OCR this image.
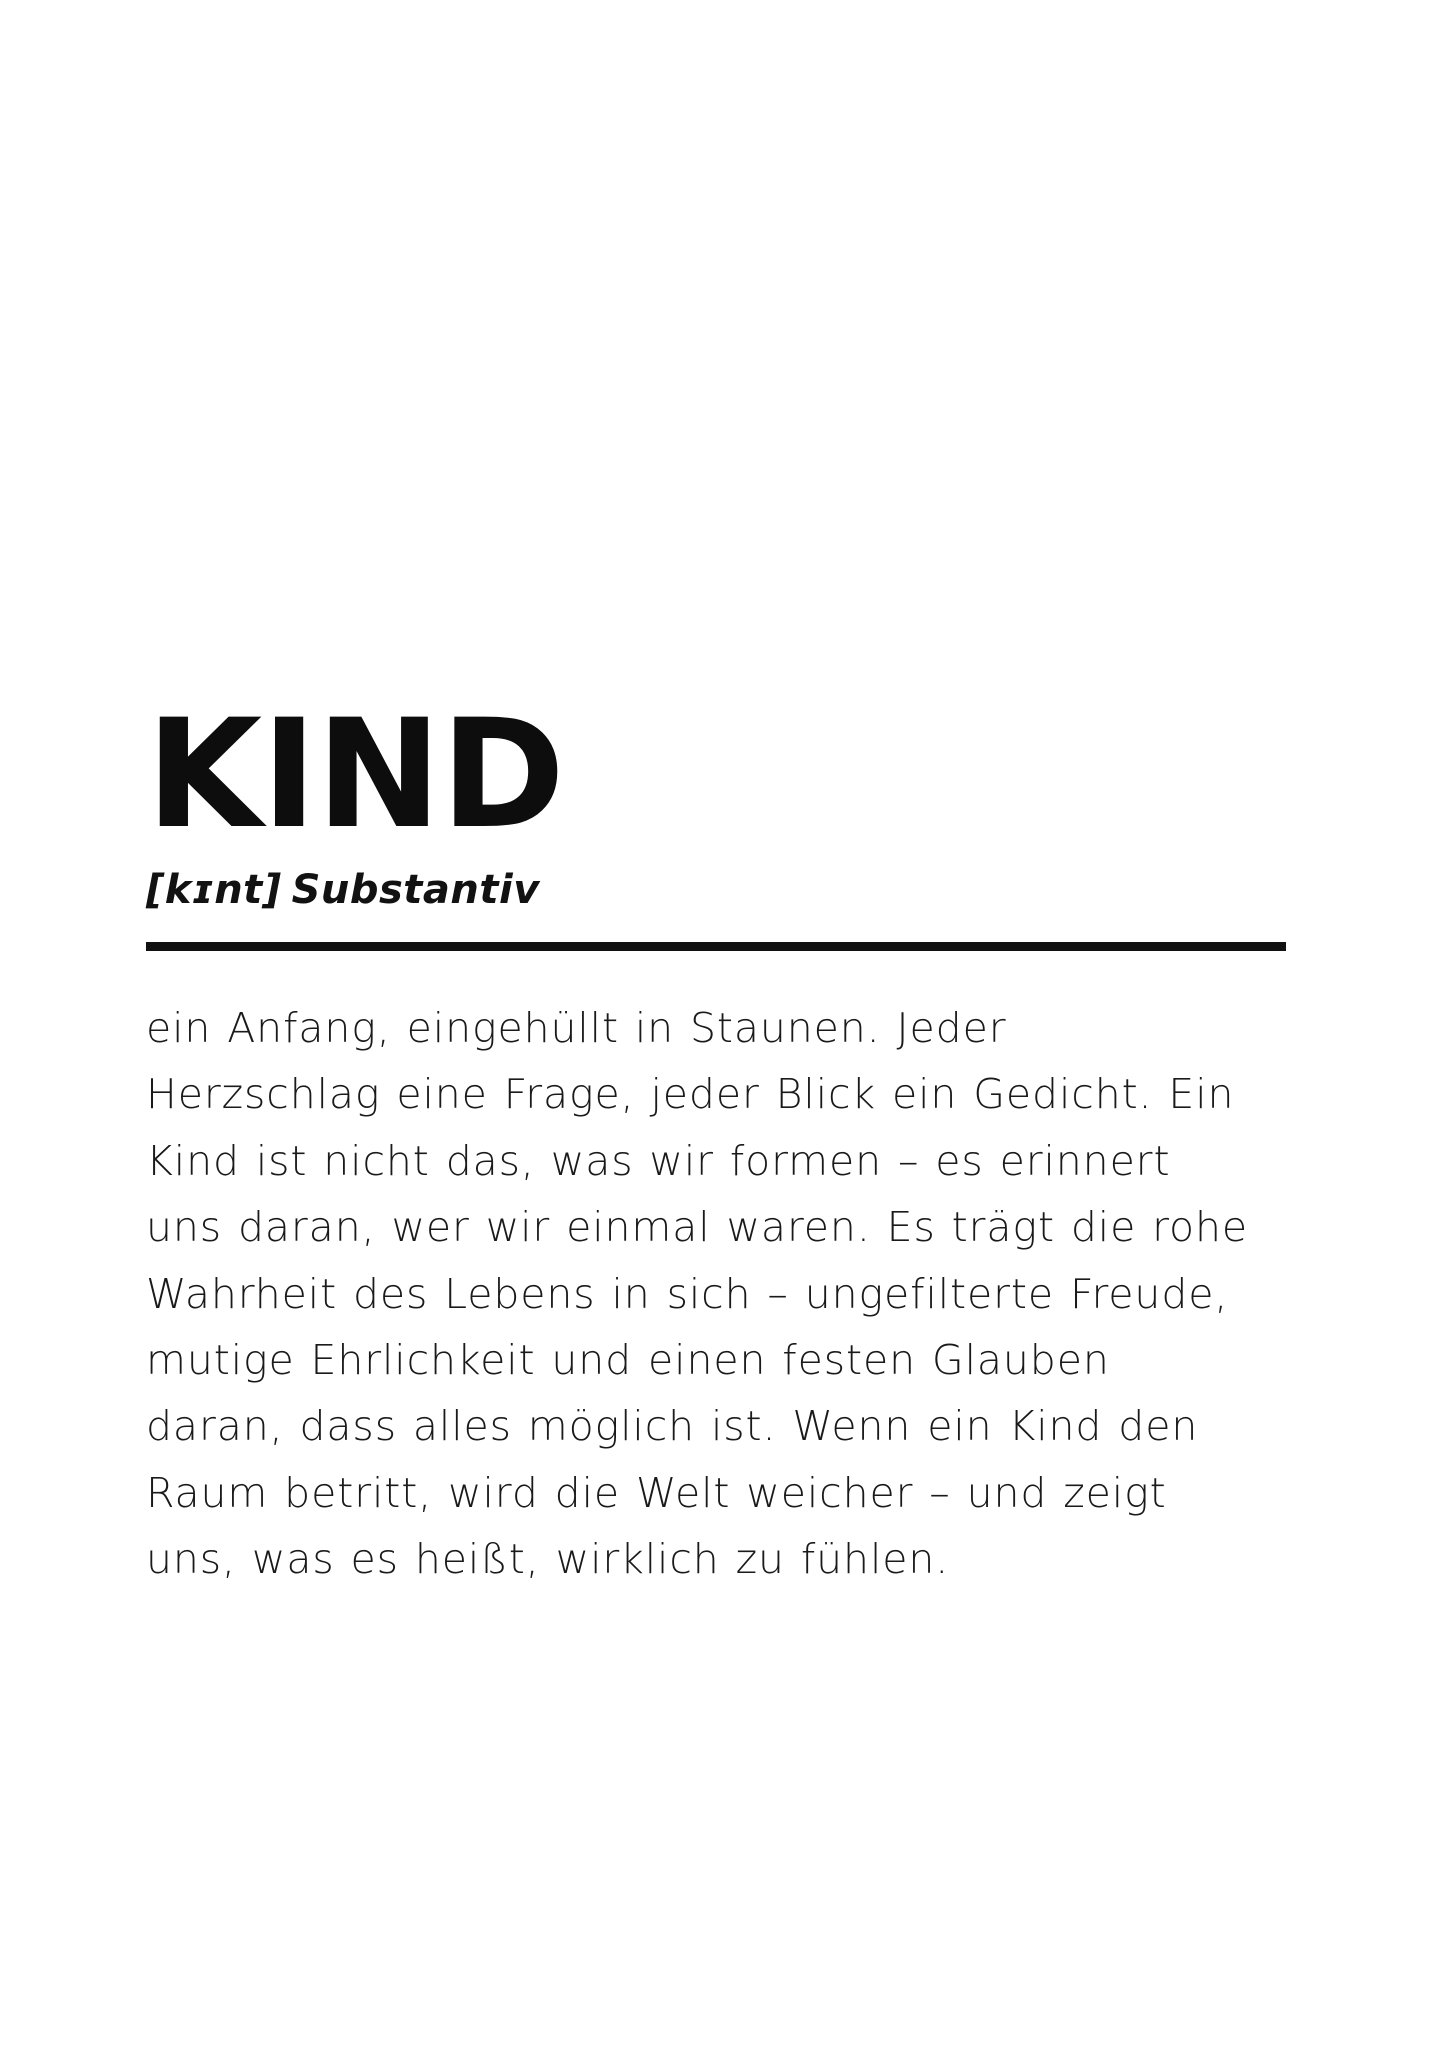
KIND
[kɪnt] Substantiv

ein Anfang, eingehüllt in Staunen. Jeder Herzschlag eine Frage, jeder Blick ein Gedicht. Ein Kind ist nicht das, was wir formen – es erinnert uns daran, wer wir einmal waren. Es trägt die rohe Wahrheit des Lebens in sich – ungefilterte Freude, mutige Ehrlichkeit und einen festen Glauben daran, dass alles möglich ist. Wenn ein Kind den Raum betritt, wird die Welt weicher – und zeigt uns, was es heißt, wirklich zu fühlen.
